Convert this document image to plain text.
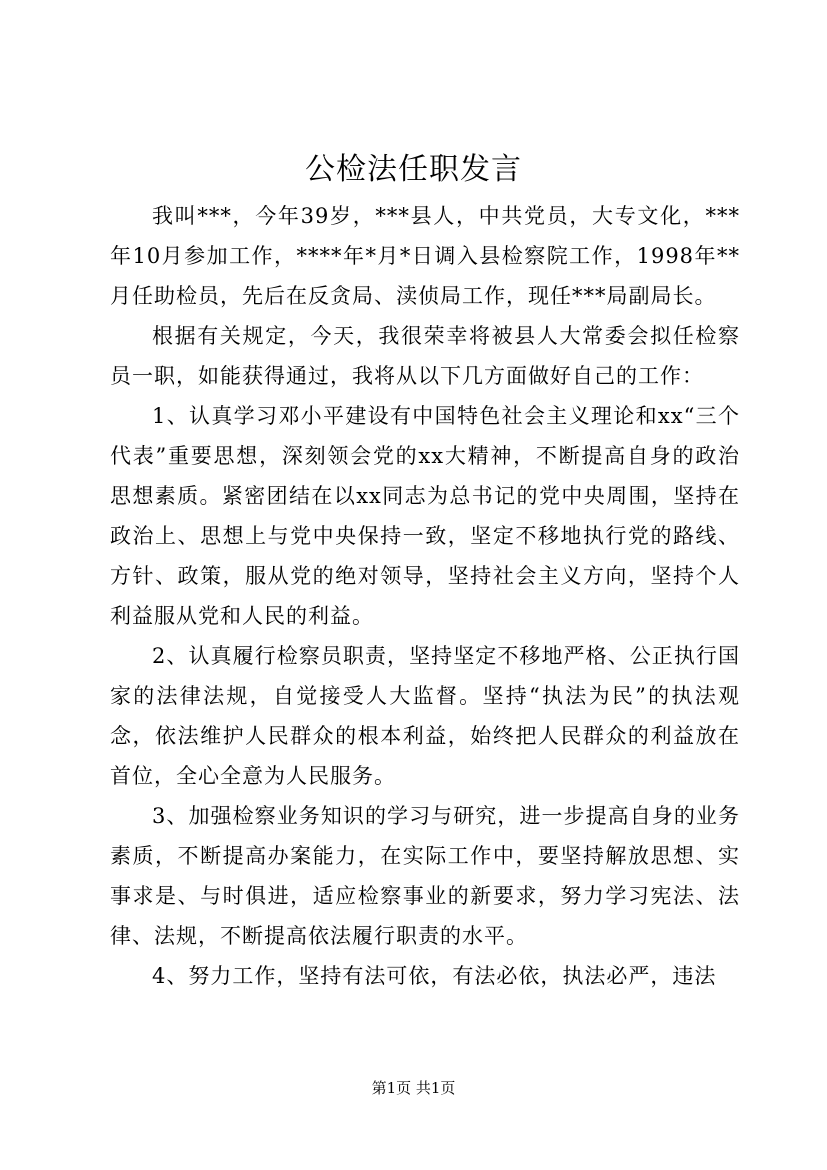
公检法任职发言

我叫***，今年39岁，***县人，中共党员，大专文化，***年10月参加工作，****年*月*日调入县检察院工作，1998年**月任助检员，先后在反贪局、渎侦局工作，现任***局副局长。

根据有关规定，今天，我很荣幸将被县人大常委会拟任检察员一职，如能获得通过，我将从以下几方面做好自己的工作：

1、认真学习邓小平建设有中国特色社会主义理论和xx“三个代表”重要思想，深刻领会党的xx大精神，不断提高自身的政治思想素质。紧密团结在以xx同志为总书记的党中央周围，坚持在政治上、思想上与党中央保持一致，坚定不移地执行党的路线、方针、政策，服从党的绝对领导，坚持社会主义方向，坚持个人利益服从党和人民的利益。

2、认真履行检察员职责，坚持坚定不移地严格、公正执行国家的法律法规，自觉接受人大监督。坚持“执法为民”的执法观念，依法维护人民群众的根本利益，始终把人民群众的利益放在首位，全心全意为人民服务。

3、加强检察业务知识的学习与研究，进一步提高自身的业务素质，不断提高办案能力，在实际工作中，要坚持解放思想、实事求是、与时俱进，适应检察事业的新要求，努力学习宪法、法律、法规，不断提高依法履行职责的水平。

4、努力工作，坚持有法可依，有法必依，执法必严，违法

第1页 共1页
